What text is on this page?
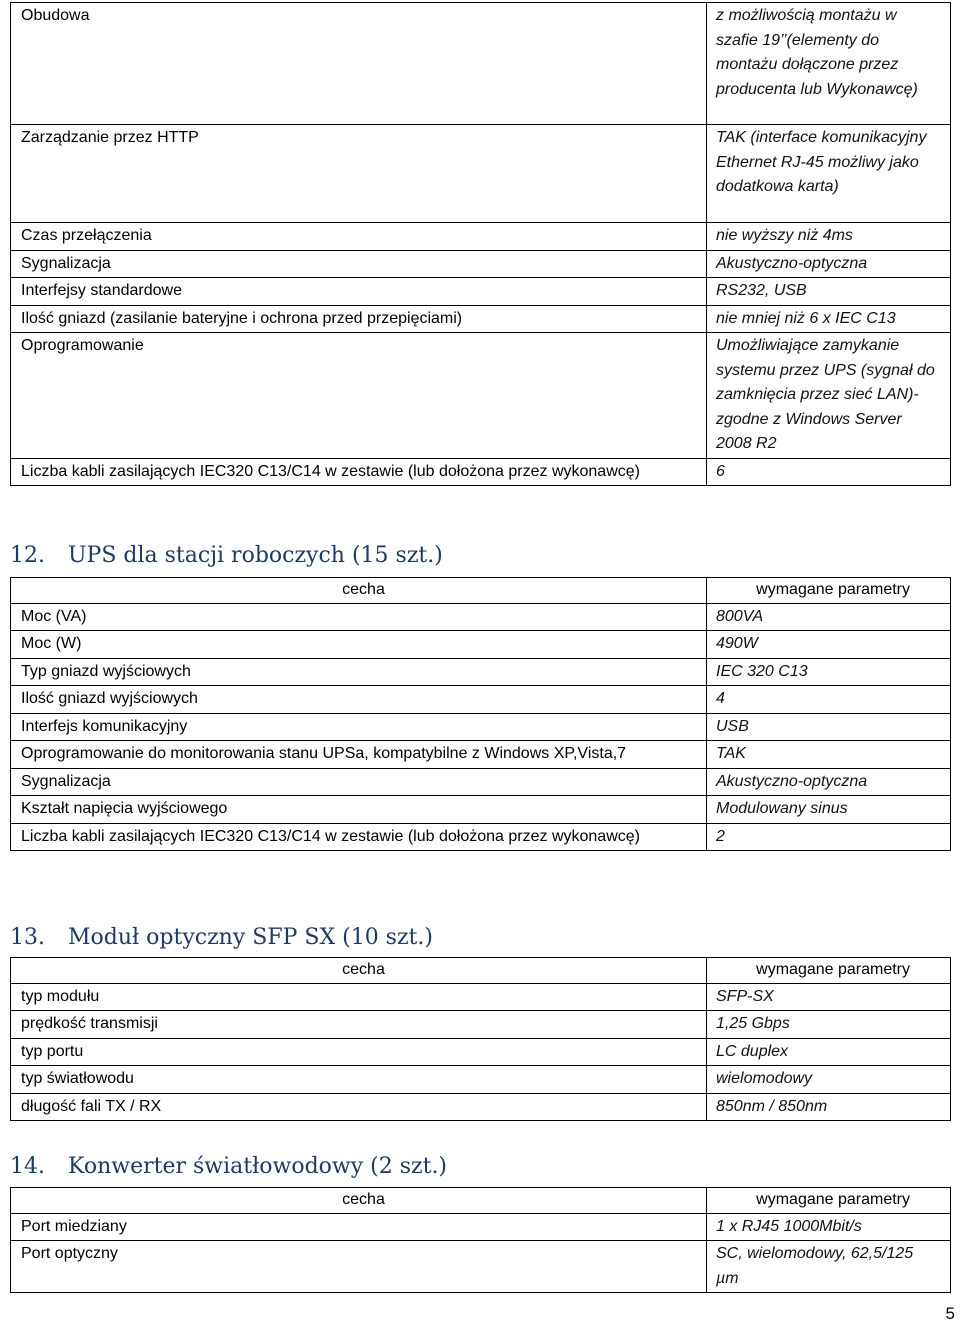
Obudowa	z możliwością montażu w szafie 19’’(elementy do montażu dołączone przez producenta lub Wykonawcę)
Zarządzanie przez HTTP	TAK (interface komunikacyjny Ethernet RJ-45 możliwy jako dodatkowa karta)
Czas przełączenia	nie wyższy niż 4ms
Sygnalizacja	Akustyczno-optyczna
Interfejsy standardowe	RS232, USB
Ilość gniazd (zasilanie bateryjne i ochrona przed przepięciami)	nie mniej niż 6 x IEC C13
Oprogramowanie	Umożliwiające zamykanie systemu przez UPS (sygnał do zamknięcia przez sieć LAN)-zgodne z Windows Server 2008 R2
Liczba kabli zasilających IEC320 C13/C14 w zestawie (lub dołożona przez wykonawcę)	6
12. UPS dla stacji roboczych (15 szt.)
cecha	wymagane parametry
Moc (VA)	800VA
Moc (W)	490W
Typ gniazd wyjściowych	IEC 320 C13
Ilość gniazd wyjściowych	4
Interfejs komunikacyjny	USB
Oprogramowanie do monitorowania stanu UPSa, kompatybilne z Windows XP,Vista,7	TAK
Sygnalizacja	Akustyczno-optyczna
Kształt napięcia wyjściowego	Modulowany sinus
Liczba kabli zasilających IEC320 C13/C14 w zestawie (lub dołożona przez wykonawcę)	2
13. Moduł optyczny SFP SX (10 szt.)
cecha	wymagane parametry
typ modułu	SFP-SX
prędkość transmisji	1,25 Gbps
typ portu	LC duplex
typ światłowodu	wielomodowy
długość fali TX / RX	850nm / 850nm
14. Konwerter światłowodowy (2 szt.)
cecha	wymagane parametry
Port miedziany	1 x RJ45 1000Mbit/s
Port optyczny	SC, wielomodowy, 62,5/125 µm
5
